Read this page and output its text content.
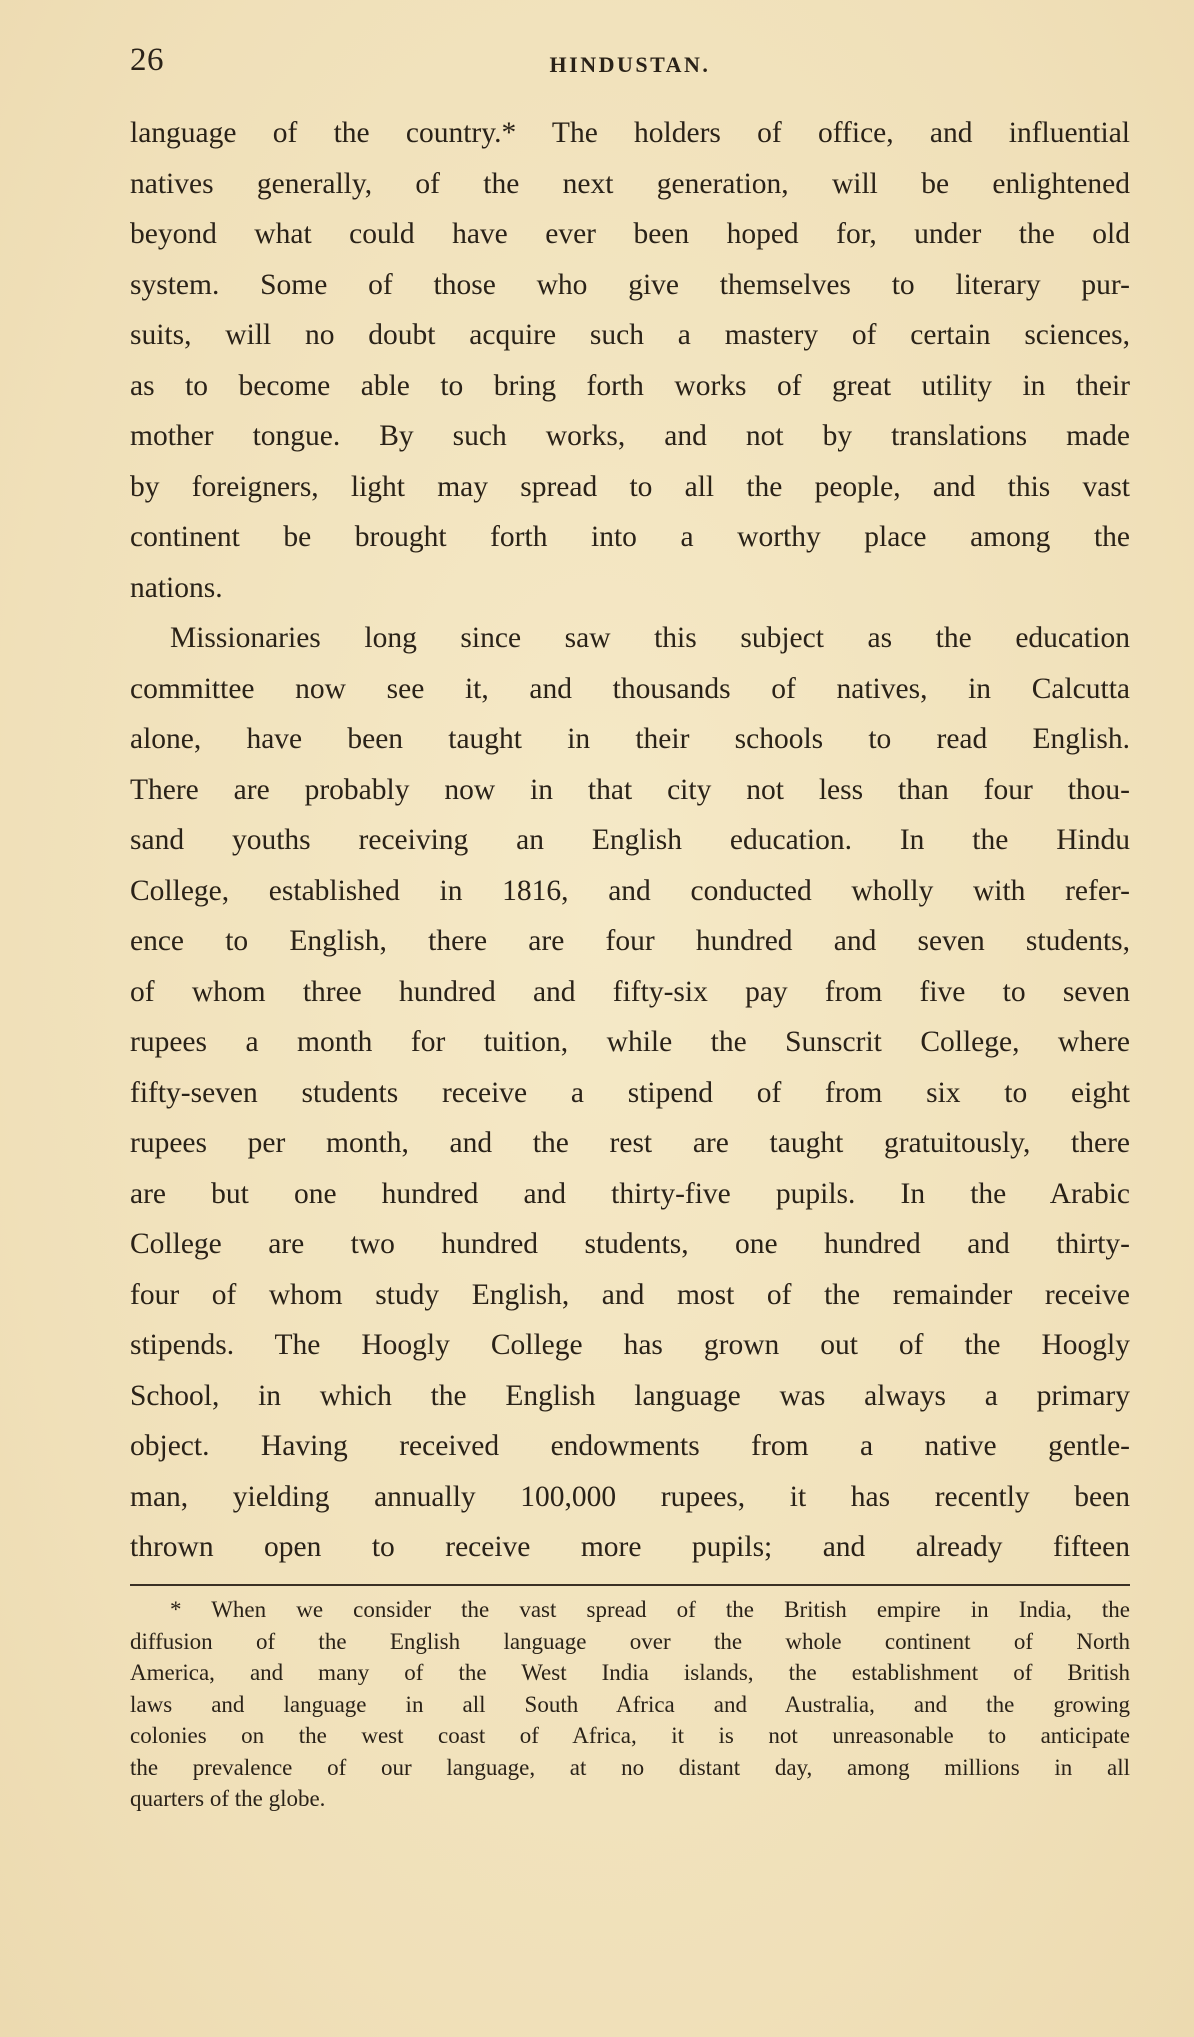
26	HINDUSTAN.
language of the country.* The holders of office, and influential
natives generally, of the next generation, will be enlightened
beyond what could have ever been hoped for, under the old
system. Some of those who give themselves to literary pur-
suits, will no doubt acquire such a mastery of certain sciences,
as to become able to bring forth works of great utility in their
mother tongue. By such works, and not by translations made
by foreigners, light may spread to all the people, and this vast
continent be brought forth into a worthy place among the
nations.
Missionaries long since saw this subject as the education
committee now see it, and thousands of natives, in Calcutta
alone, have been taught in their schools to read English.
There are probably now in that city not less than four thou-
sand youths receiving an English education. In the Hindu
College, established in 1816, and conducted wholly with refer-
ence to English, there are four hundred and seven students,
of whom three hundred and fifty-six pay from five to seven
rupees a month for tuition, while the Sunscrit College, where
fifty-seven students receive a stipend of from six to eight
rupees per month, and the rest are taught gratuitously, there
are but one hundred and thirty-five pupils. In the Arabic
College are two hundred students, one hundred and thirty-
four of whom study English, and most of the remainder receive
stipends. The Hoogly College has grown out of the Hoogly
School, in which the English language was always a primary
object. Having received endowments from a native gentle-
man, yielding annually 100,000 rupees, it has recently been
thrown open to receive more pupils; and already fifteen
* When we consider the vast spread of the British empire in India, the
diffusion of the English language over the whole continent of North
America, and many of the West India islands, the establishment of British
laws and language in all South Africa and Australia, and the growing
colonies on the west coast of Africa, it is not unreasonable to anticipate
the prevalence of our language, at no distant day, among millions in all
quarters of the globe.
